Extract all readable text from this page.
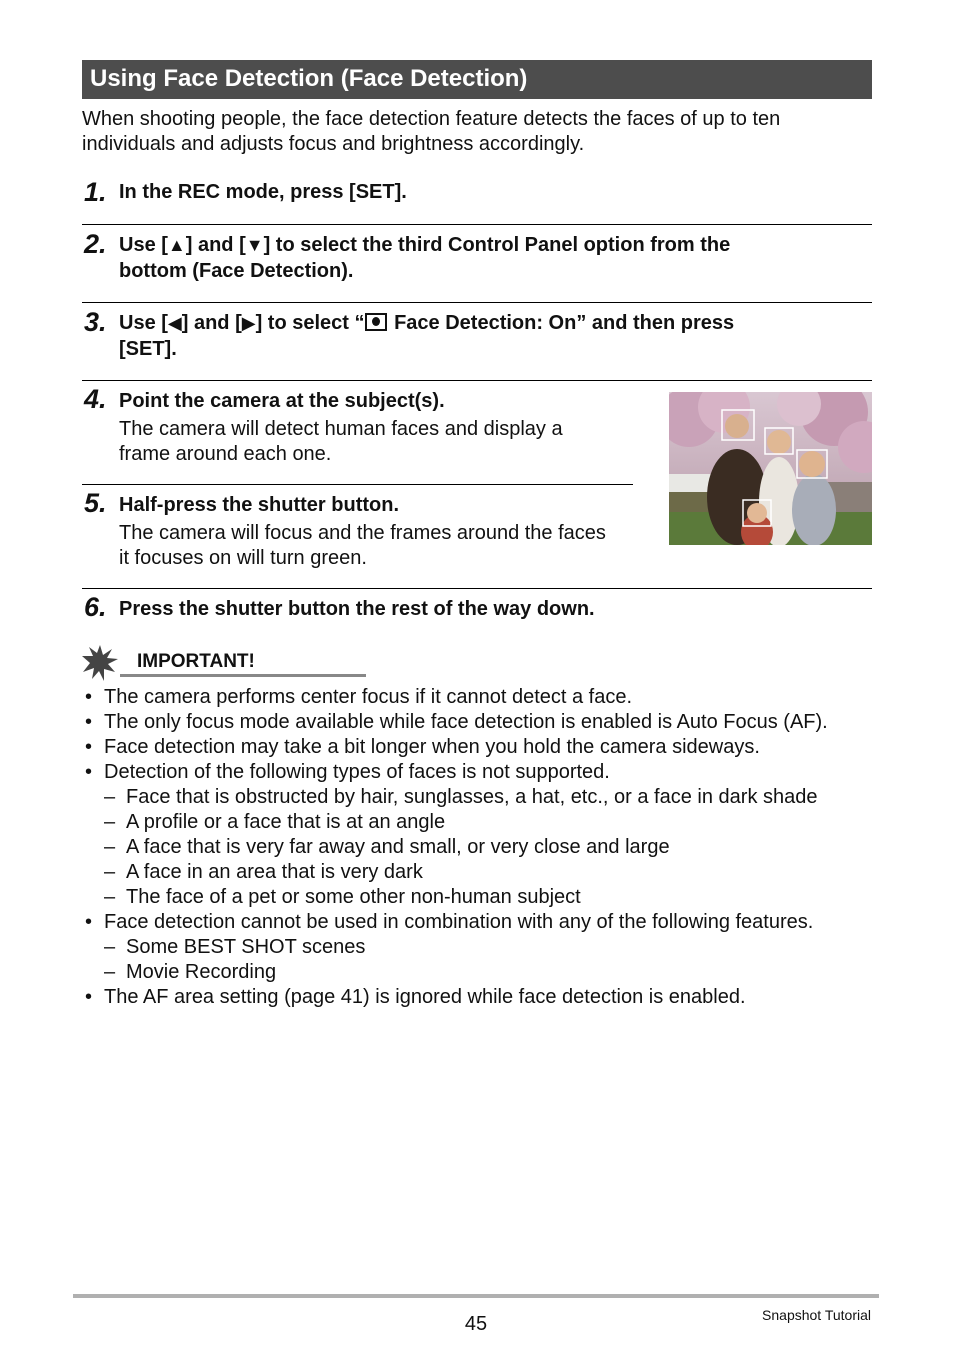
Using Face Detection (Face Detection)
When shooting people, the face detection feature detects the faces of up to ten individuals and adjusts focus and brightness accordingly.
1. In the REC mode, press [SET].
2. Use [▲] and [▼] to select the third Control Panel option from the
bottom (Face Detection).
3. Use [◀] and [▶] to select “ Face Detection: On” and then press
[SET].
4. Point the camera at the subject(s).
The camera will detect human faces and display a
frame around each one.
5. Half-press the shutter button.
The camera will focus and the frames around the faces
it focuses on will turn green.
6. Press the shutter button the rest of the way down.
IMPORTANT!
• The camera performs center focus if it cannot detect a face.
• The only focus mode available while face detection is enabled is Auto Focus (AF).
• Face detection may take a bit longer when you hold the camera sideways.
• Detection of the following types of faces is not supported.
– Face that is obstructed by hair, sunglasses, a hat, etc., or a face in dark shade
– A profile or a face that is at an angle
– A face that is very far away and small, or very close and large
– A face in an area that is very dark
– The face of a pet or some other non-human subject
• Face detection cannot be used in combination with any of the following features.
– Some BEST SHOT scenes
– Movie Recording
• The AF area setting (page 41) is ignored while face detection is enabled.
45	Snapshot Tutorial
